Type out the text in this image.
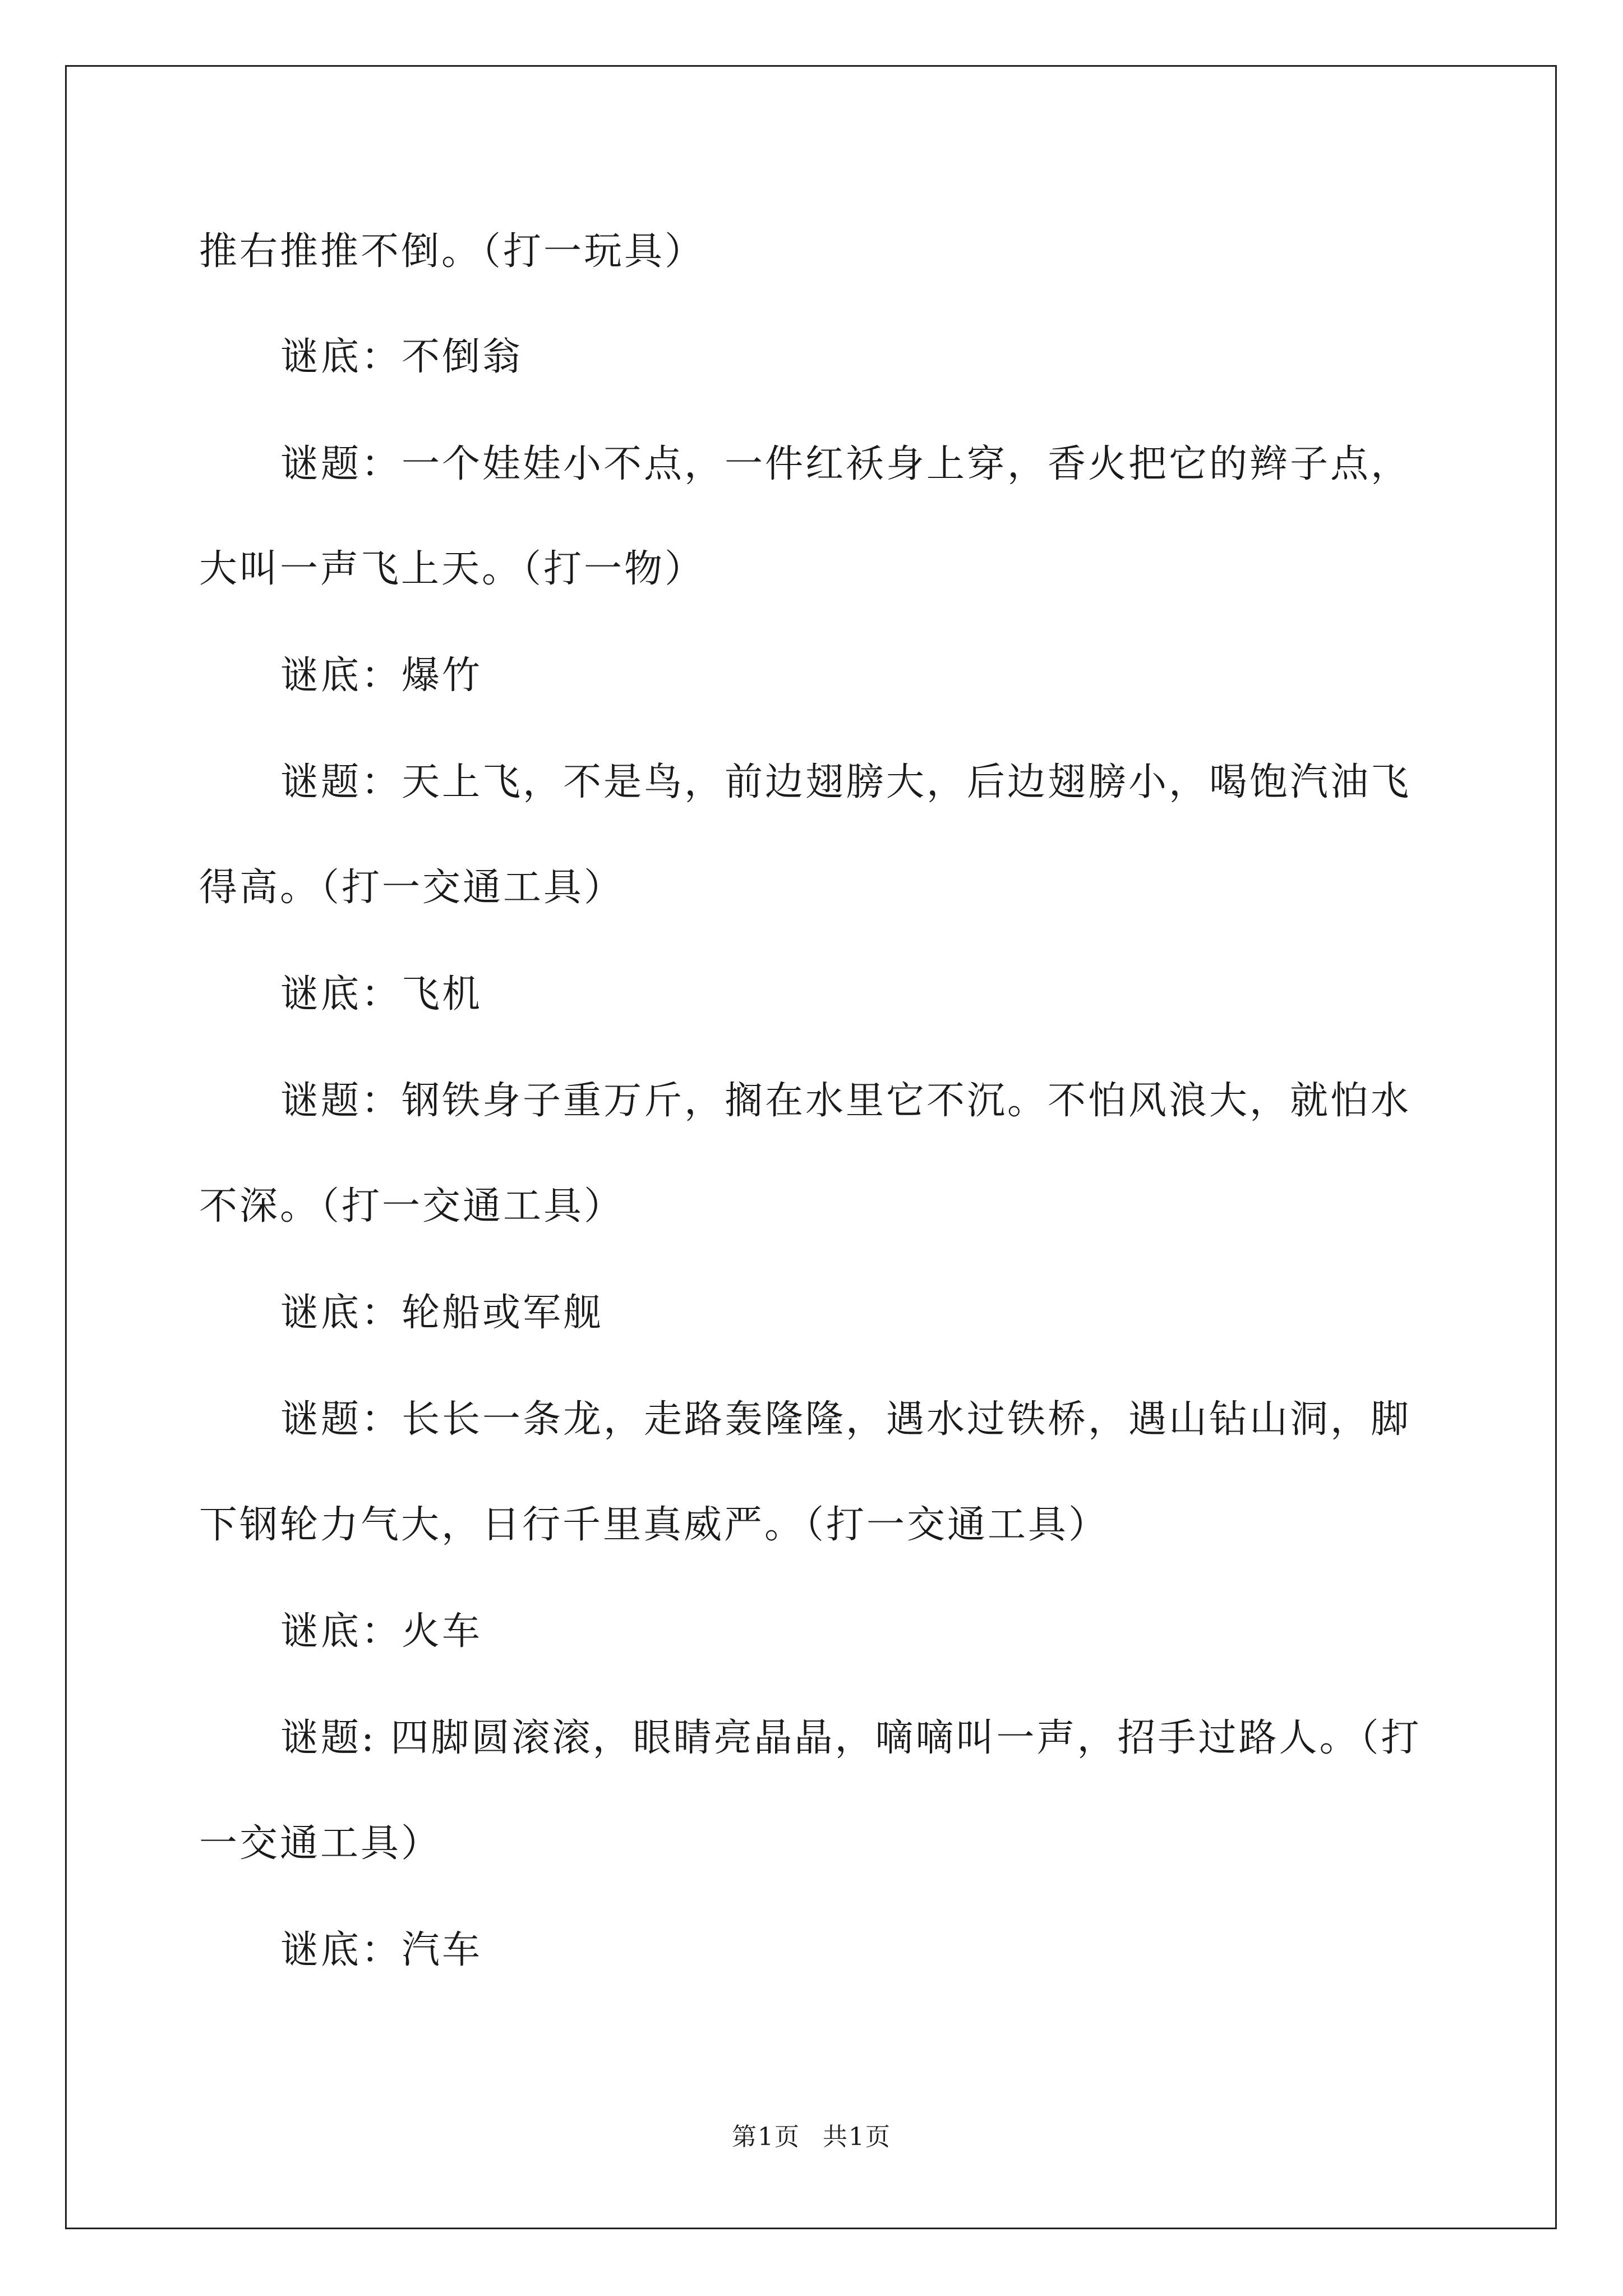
推右推推不倒。（打一玩具）
谜底：不倒翁
谜题：一个娃娃小不点，一件红袄身上穿，香火把它的辫子点，
大叫一声飞上天。（打一物）
谜底：爆竹
谜题：天上飞，不是鸟，前边翅膀大，后边翅膀小，喝饱汽油飞
得高。（打一交通工具）
谜底：飞机
谜题：钢铁身子重万斤，搁在水里它不沉。不怕风浪大，就怕水
不深。（打一交通工具）
谜底：轮船或军舰
谜题：长长一条龙，走路轰隆隆，遇水过铁桥，遇山钻山洞，脚
下钢轮力气大，日行千里真威严。（打一交通工具）
谜底：火车
谜题: 四脚圆滚滚，眼睛亮晶晶，嘀嘀叫一声，招手过路人。（打
一交通工具）
谜底：汽车
第1页 共1页
